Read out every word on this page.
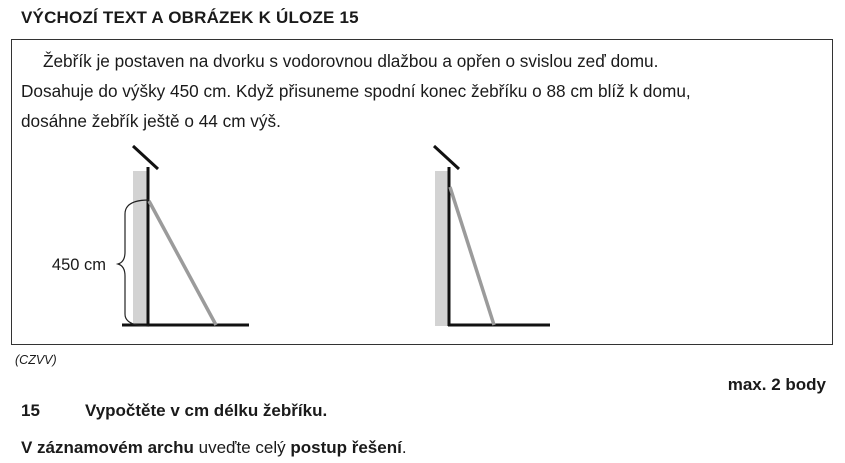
VÝCHOZÍ TEXT A OBRÁZEK K ÚLOZE 15

Žebřík je postaven na dvorku s vodorovnou dlažbou a opřen o svislou zeď domu.

Dosahuje do výšky 450 cm. Když přisuneme spodní konec žebříku o 88 cm blíž k domu,

dosáhne žebřík ještě o 44 cm výš.

450 cm
(CZVV)
max. 2 body
15	Vypočtěte v cm délku žebříku.
V záznamovém archu uveďte celý postup řešení.
